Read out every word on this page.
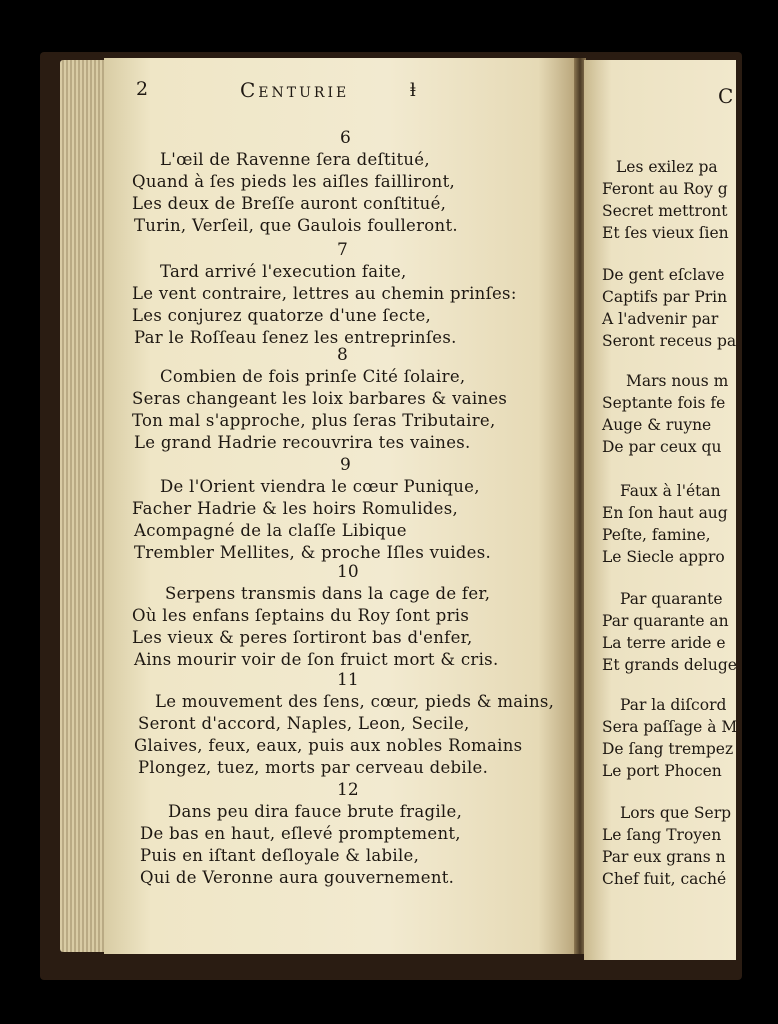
2	Centurie	ⱡ	C
6
L'œil de Ravenne ſera deſtitué,
Quand à ſes pieds les aiſles failliront,
Les deux de Breſſe auront conſtitué,
Turin, Verſeil, que Gaulois foulleront.
7
Tard arrivé l'execution faite,
Le vent contraire, lettres au chemin prinſes:
Les conjurez quatorze d'une ſecte,
Par le Roſſeau ſenez les entreprinſes.
8
Combien de fois prinſe Cité ſolaire,
Seras changeant les loix barbares & vaines
Ton mal s'approche, plus ſeras Tributaire,
Le grand Hadrie recouvrira tes vaines.
9
De l'Orient viendra le cœur Punique,
Facher Hadrie & les hoirs Romulides,
Acompagné de la claſſe Libique
Trembler Mellites, & proche Iſles vuides.
10
Serpens transmis dans la cage de fer,
Où les enfans ſeptains du Roy ſont pris
Les vieux & peres ſortiront bas d'enfer,
Ains mourir voir de ſon fruict mort & cris.
11
Le mouvement des ſens, cœur, pieds & mains,
Seront d'accord, Naples, Leon, Secile,
Glaives, feux, eaux, puis aux nobles Romains
Plongez, tuez, morts par cerveau debile.
12
Dans peu dira fauce brute fragile,
De bas en haut, eſlevé promptement,
Puis en iſtant deſloyale & labile,
Qui de Veronne aura gouvernement.
Les exilez pa
Feront au Roy g
Secret mettront
Et ſes vieux ſien
De gent eſclave
Captifs par Prin
A l'advenir par
Seront receus pa
Mars nous m
Septante fois fe
Auge & ruyne
De par ceux qu
Faux à l'étan
En ſon haut aug
Peſte, famine,
Le Siecle appro
Par quarante
Par quarante an
La terre aride e
Et grands deluge
Par la diſcord
Sera paſſage à M
De ſang trempez
Le port Phocen
Lors que Serp
Le ſang Troyen
Par eux grans n
Chef fuit, caché
